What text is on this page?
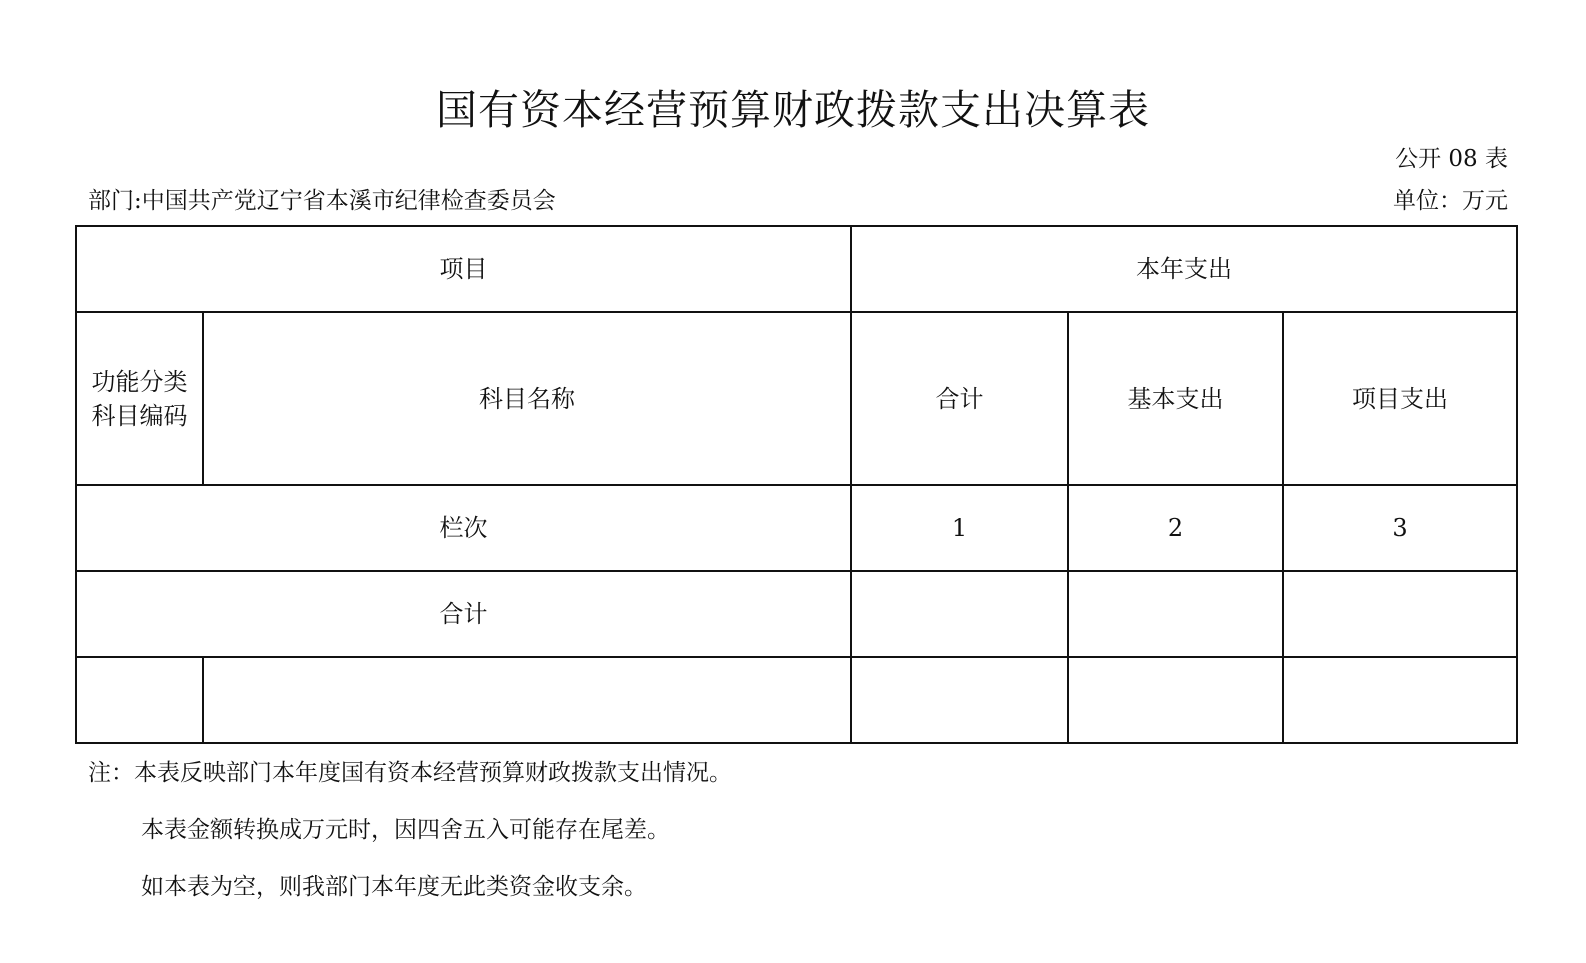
国有资本经营预算财政拨款支出决算表
公开 08 表
部门:中国共产党辽宁省本溪市纪律检查委员会	单位：万元
项目		本年支出		
功能分类科目编码	科目名称	合计	基本支出	项目支出
栏次		1	2	3
合计				

注：本表反映部门本年度国有资本经营预算财政拨款支出情况。
本表金额转换成万元时，因四舍五入可能存在尾差。
如本表为空，则我部门本年度无此类资金收支余。
